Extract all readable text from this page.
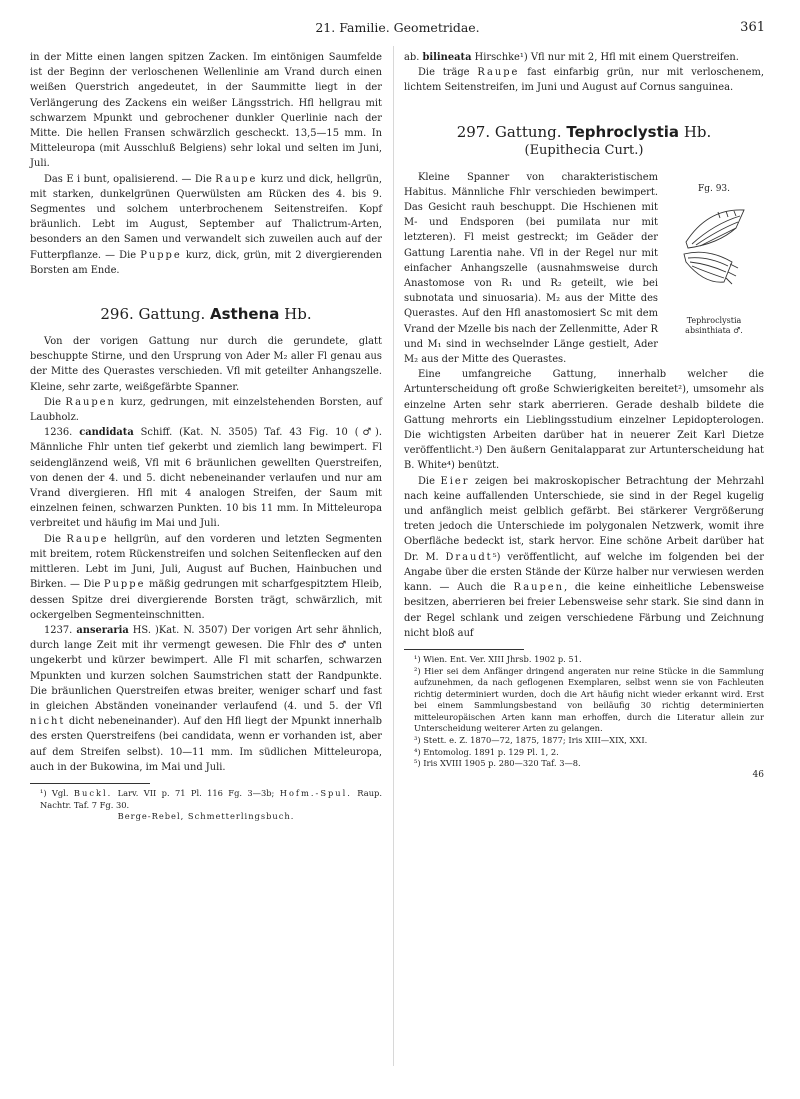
21. Familie. Geometridae.	361

in der Mitte einen langen spitzen Zacken. Im eintönigen Saumfelde ist der Beginn der verloschenen Wellenlinie am Vrand durch einen weißen Querstrich angedeutet, in der Saummitte liegt in der Verlängerung des Zackens ein weißer Längsstrich. Hfl hellgrau mit schwarzem Mpunkt und gebrochener dunkler Querlinie nach der Mitte. Die hellen Fransen schwärzlich gescheckt. 13,5—15 mm. In Mitteleuropa (mit Ausschluß Belgiens) sehr lokal und selten im Juni, Juli.

Das E i bunt, opalisierend. — Die Raupe kurz und dick, hellgrün, mit starken, dunkelgrünen Querwülsten am Rücken des 4. bis 9. Segmentes und solchem unterbrochenem Seitenstreifen. Kopf bräunlich. Lebt im August, September auf Thalictrum-Arten, besonders an den Samen und verwandelt sich zuweilen auch auf der Futterpflanze. — Die Puppe kurz, dick, grün, mit 2 divergierenden Borsten am Ende.

296. Gattung. Asthena Hb.

Von der vorigen Gattung nur durch die gerundete, glatt beschuppte Stirne, und den Ursprung von Ader M₂ aller Fl genau aus der Mitte des Querastes verschieden. Vfl mit geteilter Anhangszelle. Kleine, sehr zarte, weißgefärbte Spanner.

Die Raupen kurz, gedrungen, mit einzelstehenden Borsten, auf Laubholz.

1236. candidata Schiff. (Kat. N. 3505) Taf. 43 Fig. 10 (♂). Männliche Fhlr unten tief gekerbt und ziemlich lang bewimpert. Fl seidenglänzend weiß, Vfl mit 6 bräunlichen gewellten Querstreifen, von denen der 4. und 5. dicht nebeneinander verlaufen und nur am Vrand divergieren. Hfl mit 4 analogen Streifen, der Saum mit einzelnen feinen, schwarzen Punkten. 10 bis 11 mm. In Mitteleuropa verbreitet und häufig im Mai und Juli.

Die Raupe hellgrün, auf den vorderen und letzten Segmenten mit breitem, rotem Rückenstreifen und solchen Seitenflecken auf den mittleren. Lebt im Juni, Juli, August auf Buchen, Hainbuchen und Birken. — Die Puppe mäßig gedrungen mit scharfgespitztem Hleib, dessen Spitze drei divergierende Borsten trägt, schwärzlich, mit ockergelben Segmenteinschnitten.

1237. anseraria HS. )Kat. N. 3507) Der vorigen Art sehr ähnlich, durch lange Zeit mit ihr vermengt gewesen. Die Fhlr des ♂ unten ungekerbt und kürzer bewimpert. Alle Fl mit scharfen, schwarzen Mpunkten und kurzen solchen Saumstrichen statt der Randpunkte. Die bräunlichen Querstreifen etwas breiter, weniger scharf und fast in gleichen Abständen voneinander verlaufend (4. und 5. der Vfl nicht dicht nebeneinander). Auf den Hfl liegt der Mpunkt innerhalb des ersten Querstreifens (bei candidata, wenn er vorhanden ist, aber auf dem Streifen selbst). 10—11 mm. Im südlichen Mitteleuropa, auch in der Bukowina, im Mai und Juli.

¹) Vgl. Buckl. Larv. VII p. 71 Pl. 116 Fg. 3—3b; Hofm.-Spul. Raup. Nachtr. Taf. 7 Fg. 30.
Berge-Rebel, Schmetterlingsbuch.

ab. bilineata Hirschke¹) Vfl nur mit 2, Hfl mit einem Querstreifen.

Die träge Raupe fast einfarbig grün, nur mit verloschenem, lichtem Seitenstreifen, im Juni und August auf Cornus sanguinea.

297. Gattung. Tephroclystia Hb.
(Eupithecia Curt.)
Fg. 93.
Tephroclystia
absinthiata ♂.

Kleine Spanner von charakteristischem Habitus. Männliche Fhlr verschieden bewimpert. Das Gesicht rauh beschuppt. Die Hschienen mit M- und Endsporen (bei pumilata nur mit letzteren). Fl meist gestreckt; im Geäder der Gattung Larentia nahe. Vfl in der Regel nur mit einfacher Anhangszelle (ausnahmsweise durch Anastomose von R₁ und R₂ geteilt, wie bei subnotata und sinuosaria). M₂ aus der Mitte des Querastes. Auf den Hfl anastomosiert Sc mit dem Vrand der Mzelle bis nach der Zellenmitte, Ader R und M₁ sind in wechselnder Länge gestielt, Ader M₂ aus der Mitte des Querastes.

Eine umfangreiche Gattung, innerhalb welcher die Artunterscheidung oft große Schwierigkeiten bereitet²), umsomehr als einzelne Arten sehr stark aberrieren. Gerade deshalb bildete die Gattung mehrorts ein Lieblingsstudium einzelner Lepidopterologen. Die wichtigsten Arbeiten darüber hat in neuerer Zeit Karl Dietze veröffentlicht.³) Den äußern Genitalapparat zur Artunterscheidung hat B. White⁴) benützt.

Die Eier zeigen bei makroskopischer Betrachtung der Mehrzahl nach keine auffallenden Unterschiede, sie sind in der Regel kugelig und anfänglich meist gelblich gefärbt. Bei stärkerer Vergrößerung treten jedoch die Unterschiede im polygonalen Netzwerk, womit ihre Oberfläche bedeckt ist, stark hervor. Eine schöne Arbeit darüber hat Dr. M. Draudt⁵) veröffentlicht, auf welche im folgenden bei der Angabe über die ersten Stände der Kürze halber nur verwiesen werden kann. — Auch die Raupen, die keine einheitliche Lebensweise besitzen, aberrieren bei freier Lebensweise sehr stark. Sie sind dann in der Regel schlank und zeigen verschiedene Färbung und Zeichnung nicht bloß auf

¹) Wien. Ent. Ver. XIII Jhrsb. 1902 p. 51.
²) Hier sei dem Anfänger dringend angeraten nur reine Stücke in die Sammlung aufzunehmen, da nach geflogenen Exemplaren, selbst wenn sie von Fachleuten richtig determiniert wurden, doch die Art häufig nicht wieder erkannt wird. Erst bei einem Sammlungsbestand von beiläufig 30 richtig determinierten mitteleuropäischen Arten kann man erhoffen, durch die Literatur allein zur Unterscheidung weiterer Arten zu gelangen.
³) Stett. e. Z. 1870—72, 1875, 1877; Iris XIII—XIX, XXI.
⁴) Entomolog. 1891 p. 129 Pl. 1, 2.
⁵) Iris XVIII 1905 p. 280—320 Taf. 3—8.
46
